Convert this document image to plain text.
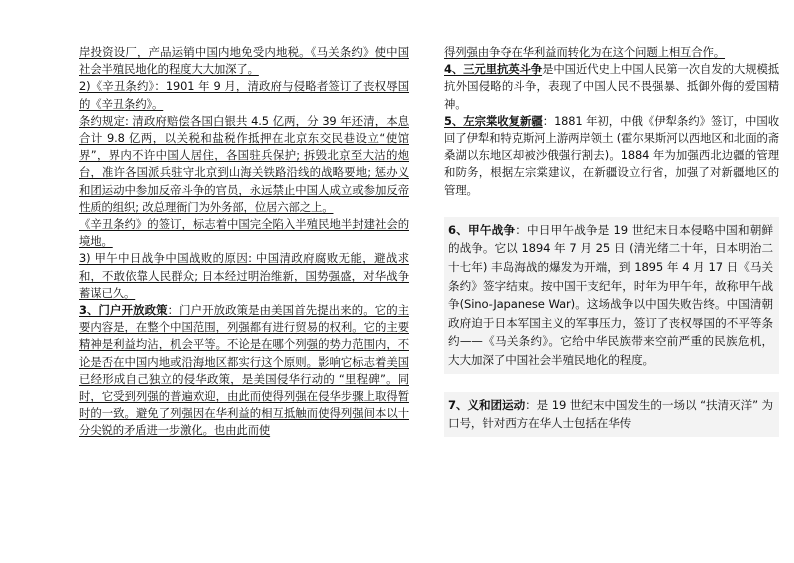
岸投资设厂，产品运销中国内地免受内地税。《马关条约》使中国社会半殖民地化的程度大大加深了。

2)《辛丑条约》：1901 年 9 月，清政府与侵略者签订了丧权辱国的《辛丑条约》。

条约规定: 清政府赔偿各国白银共 4.5 亿两，分 39 年还清，本息合计 9.8 亿两，以关税和盐税作抵押在北京东交民巷设立“使馆界”，界内不许中国人居住，各国驻兵保护; 拆毁北京至大沽的炮台，准许各国派兵驻守北京到山海关铁路沿线的战略要地; 惩办义和团运动中参加反帝斗争的官员，永远禁止中国人成立或参加反帝性质的组织; 改总理衙门为外务部，位居六部之上。

《辛丑条约》的签订，标志着中国完全陷入半殖民地半封建社会的境地。

3) 甲午中日战争中国战败的原因: 中国清政府腐败无能，避战求和，不敢依靠人民群众; 日本经过明治维新，国势强盛，对华战争蓄谋已久。

3、门户开放政策：门户开放政策是由美国首先提出来的。它的主要内容是，在整个中国范围，列强都有进行贸易的权利。它的主要精神是利益均沾，机会平等。不论是在哪个列强的势力范围内，不论是否在中国内地或沿海地区都实行这个原则。影响它标志着美国已经形成自己独立的侵华政策，是美国侵华行动的 “里程碑”。同时，它受到列强的普遍欢迎，由此而使得列强在侵华步骤上取得暂时的一致。避免了列强因在华利益的相互抵触而使得列强间本以十分尖锐的矛盾进一步激化。也由此而使

得列强由争夺在华利益而转化为在这个问题上相互合作。

4、三元里抗英斗争是中国近代史上中国人民第一次自发的大规模抵抗外国侵略的斗争，表现了中国人民不畏强暴、抵御外侮的爱国精神。

5、左宗棠收复新疆：1881 年初，中俄《伊犁条约》签订，中国收回了伊犁和特克斯河上游两岸领土 (霍尔果斯河以西地区和北面的斋桑湖以东地区却被沙俄强行割去)。1884 年为加强西北边疆的管理和防务，根据左宗棠建议，在新疆设立行省，加强了对新疆地区的管理。

6、甲午战争：中日甲午战争是 19 世纪末日本侵略中国和朝鲜的战争。它以 1894 年 7 月 25 日 (清光绪二十年，日本明治二十七年) 丰岛海战的爆发为开端，到 1895 年 4 月 17 日《马关条约》签字结束。按中国干支纪年，时年为甲午年，故称甲午战争(Sino-Japanese War)。这场战争以中国失败告终。中国清朝政府迫于日本军国主义的军事压力，签订了丧权辱国的不平等条约——《马关条约》。它给中华民族带来空前严重的民族危机，大大加深了中国社会半殖民地化的程度。

7、义和团运动：是 19 世纪末中国发生的一场以 “扶清灭洋” 为口号，针对西方在华人士包括在华传
